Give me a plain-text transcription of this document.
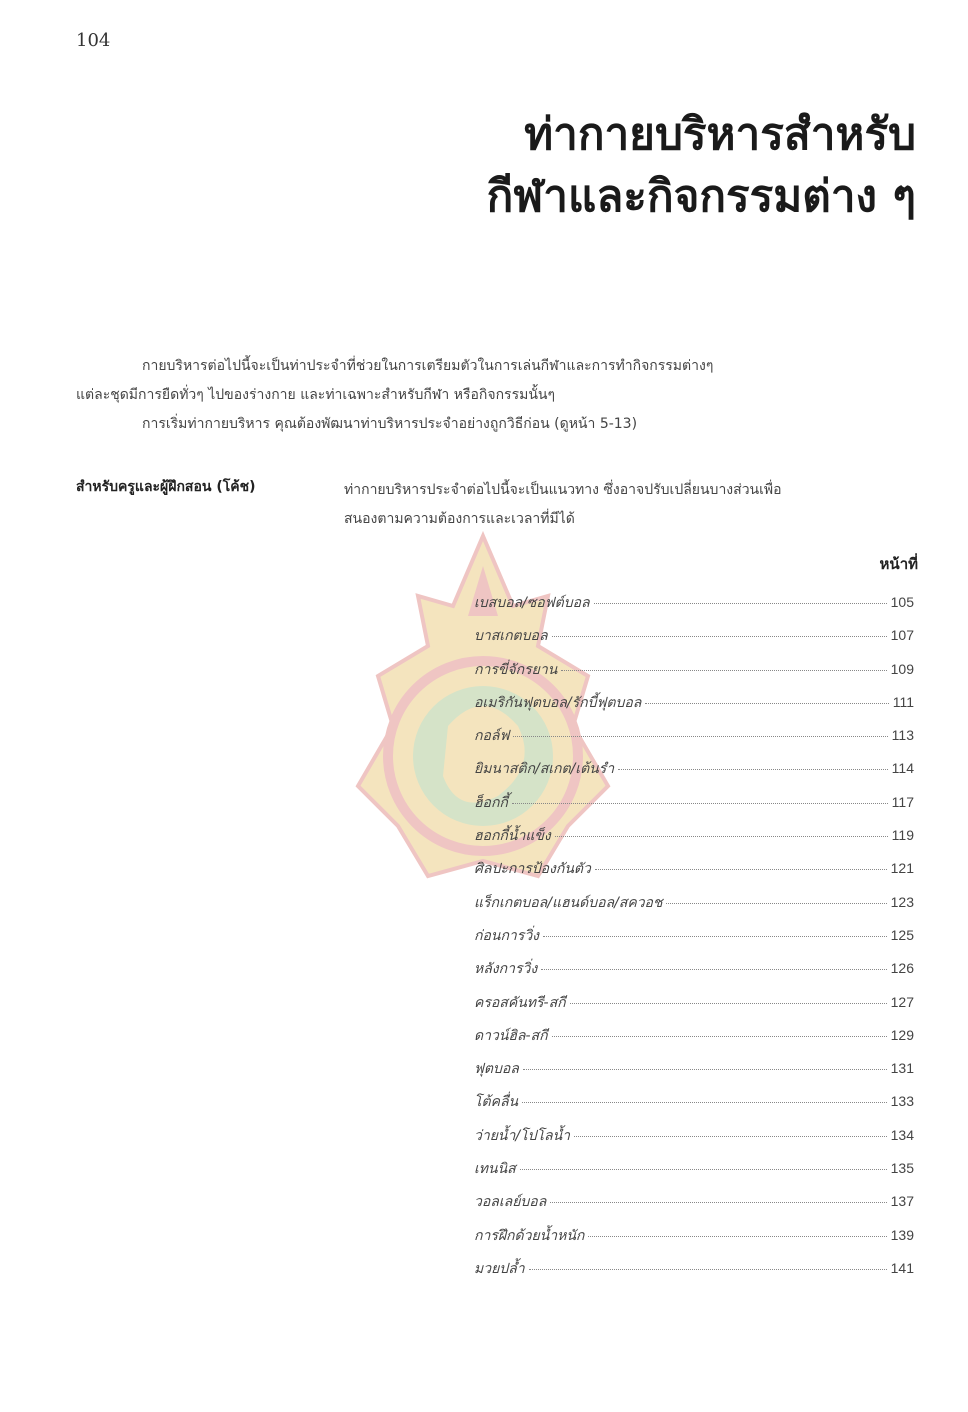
104
ท่ากายบริหารสำหรับ
กีฬาและกิจกรรมต่าง ๆ

กายบริหารต่อไปนี้จะเป็นท่าประจำที่ช่วยในการเตรียมตัวในการเล่นกีฬาและการทำกิจกรรมต่างๆ

แต่ละชุดมีการยืดทั่วๆ ไปของร่างกาย และท่าเฉพาะสำหรับกีฬา หรือกิจกรรมนั้นๆ

การเริ่มท่ากายบริหาร คุณต้องพัฒนาท่าบริหารประจำอย่างถูกวิธีก่อน (ดูหน้า 5-13)

สำหรับครูและผู้ฝึกสอน (โค้ช)	ท่ากายบริหารประจำต่อไปนี้จะเป็นแนวทาง ซึ่งอาจปรับเปลี่ยนบางส่วนเพื่อ
สนองตามความต้องการและเวลาที่มีได้
หน้าที่
เบสบอล/ซอฟต์บอล	105
บาสเกตบอล	107
การขี่จักรยาน	109
อเมริกันฟุตบอล/รักบี้ฟุตบอล	111
กอล์ฟ	113
ยิมนาสติก/สเกต/เต้นรำ	114
ฮ็อกกี้	117
ฮอกกี้น้ำแข็ง	119
ศิลปะการป้องกันตัว	121
แร็กเกตบอล/แฮนด์บอล/สควอช	123
ก่อนการวิ่ง	125
หลังการวิ่ง	126
ครอสคันทรี-สกี	127
ดาวน์ฮิล-สกี	129
ฟุตบอล	131
โต้คลื่น	133
ว่ายน้ำ/โปโลน้ำ	134
เทนนิส	135
วอลเลย์บอล	137
การฝึกด้วยน้ำหนัก	139
มวยปล้ำ	141
